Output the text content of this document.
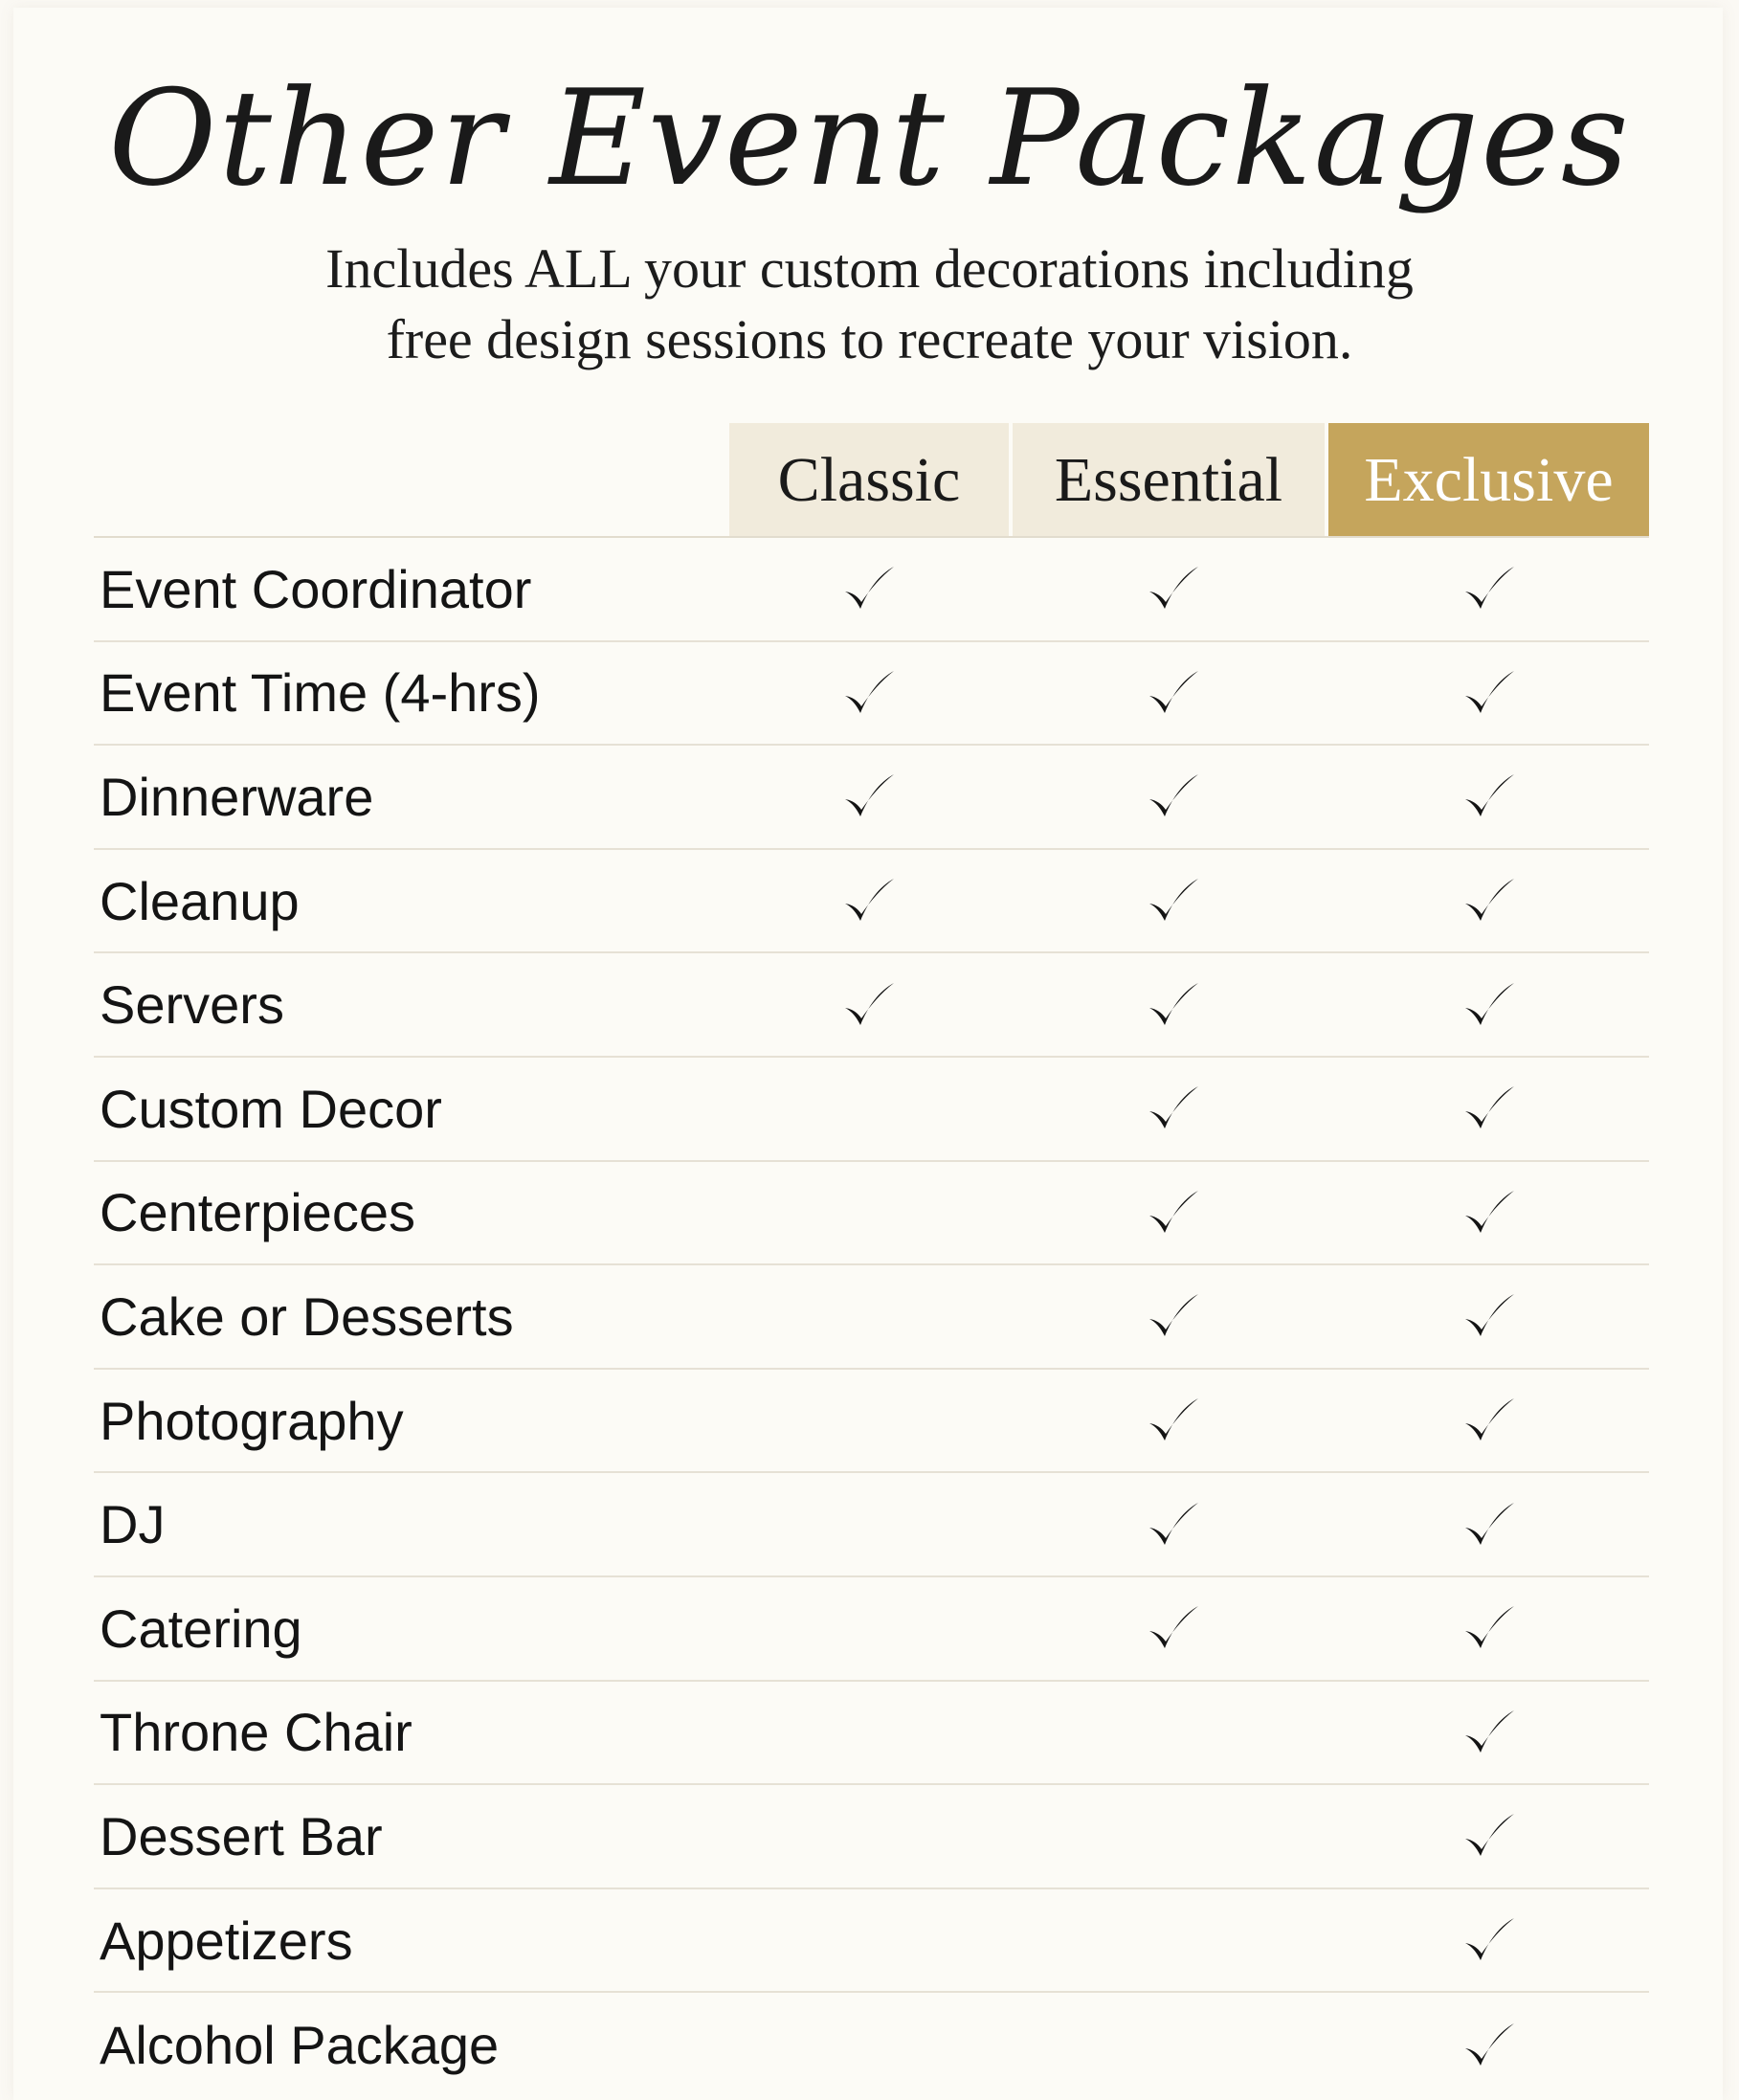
Other Event Packages

Includes ALL your custom decorations including

free design sessions to recreate your vision.

Classic	Essential	Exclusive
Event Coordinator
Event Time (4-hrs)
Dinnerware
Cleanup
Servers
Custom Decor
Centerpieces
Cake or Desserts
Photography
DJ
Catering
Throne Chair
Dessert Bar
Appetizers
Alcohol Package
